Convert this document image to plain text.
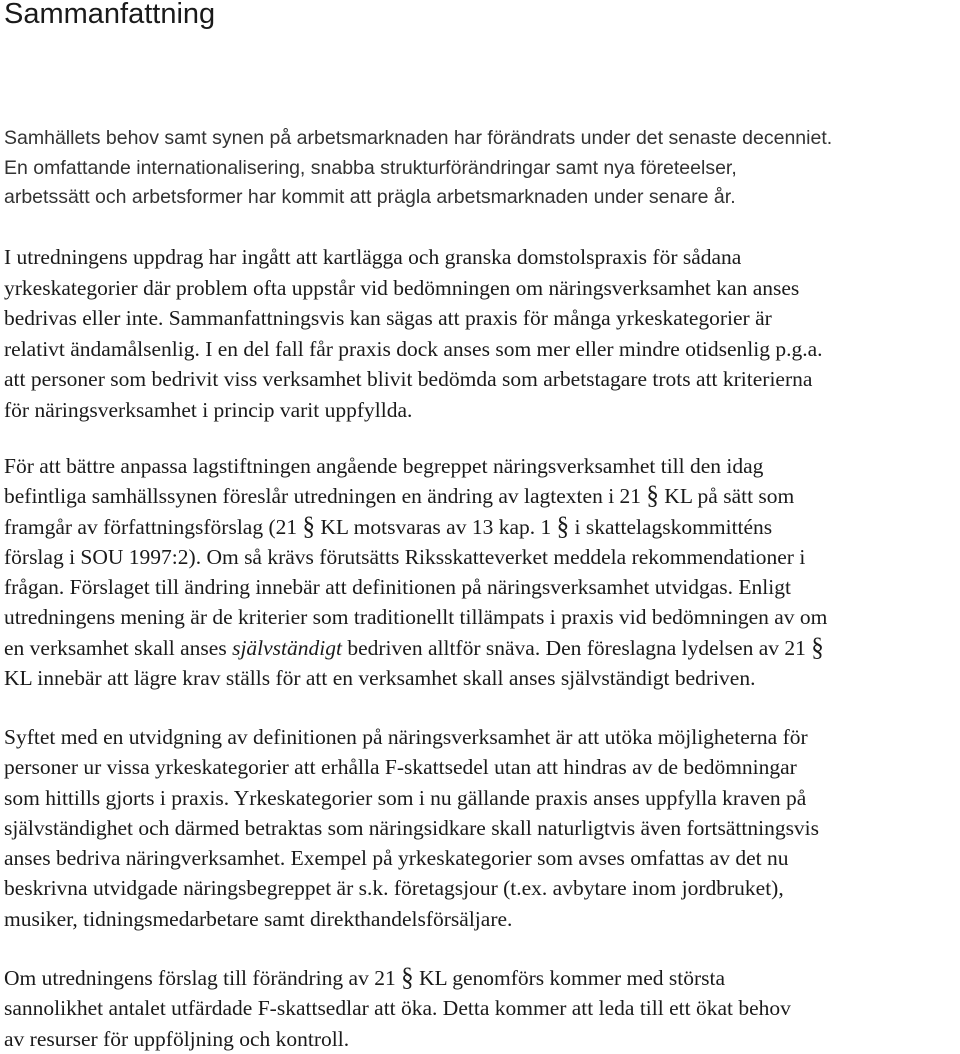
Sammanfattning
Samhällets behov samt synen på arbetsmarknaden har förändrats under det senaste decenniet.
En omfattande internationalisering, snabba strukturförändringar samt nya företeelser,
arbetssätt och arbetsformer har kommit att prägla arbetsmarknaden under senare år.
I utredningens uppdrag har ingått att kartlägga och granska domstolspraxis för sådana
yrkeskategorier där problem ofta uppstår vid bedömningen om näringsverksamhet kan anses
bedrivas eller inte. Sammanfattningsvis kan sägas att praxis för många yrkeskategorier är
relativt ändamålsenlig. I en del fall får praxis dock anses som mer eller mindre otidsenlig p.g.a.
att personer som bedrivit viss verksamhet blivit bedömda som arbetstagare trots att kriterierna
för näringsverksamhet i princip varit uppfyllda.
För att bättre anpassa lagstiftningen angående begreppet näringsverksamhet till den idag
befintliga samhällssynen föreslår utredningen en ändring av lagtexten i 21 § KL på sätt som
framgår av författningsförslag (21 § KL motsvaras av 13 kap. 1 § i skattelagskommitténs
förslag i SOU 1997:2). Om så krävs förutsätts Riksskatteverket meddela rekommendationer i
frågan. Förslaget till ändring innebär att definitionen på näringsverksamhet utvidgas. Enligt
utredningens mening är de kriterier som traditionellt tillämpats i praxis vid bedömningen av om
en verksamhet skall anses självständigt bedriven alltför snäva. Den föreslagna lydelsen av 21 §
KL innebär att lägre krav ställs för att en verksamhet skall anses självständigt bedriven.
Syftet med en utvidgning av definitionen på näringsverksamhet är att utöka möjligheterna för
personer ur vissa yrkeskategorier att erhålla F-skattsedel utan att hindras av de bedömningar
som hittills gjorts i praxis. Yrkeskategorier som i nu gällande praxis anses uppfylla kraven på
självständighet och därmed betraktas som näringsidkare skall naturligtvis även fortsättningsvis
anses bedriva näringverksamhet. Exempel på yrkeskategorier som avses omfattas av det nu
beskrivna utvidgade näringsbegreppet är s.k. företagsjour (t.ex. avbytare inom jordbruket),
musiker, tidningsmedarbetare samt direkthandelsförsäljare.
Om utredningens förslag till förändring av 21 § KL genomförs kommer med största
sannolikhet antalet utfärdade F-skattsedlar att öka. Detta kommer att leda till ett ökat behov
av resurser för uppföljning och kontroll.
